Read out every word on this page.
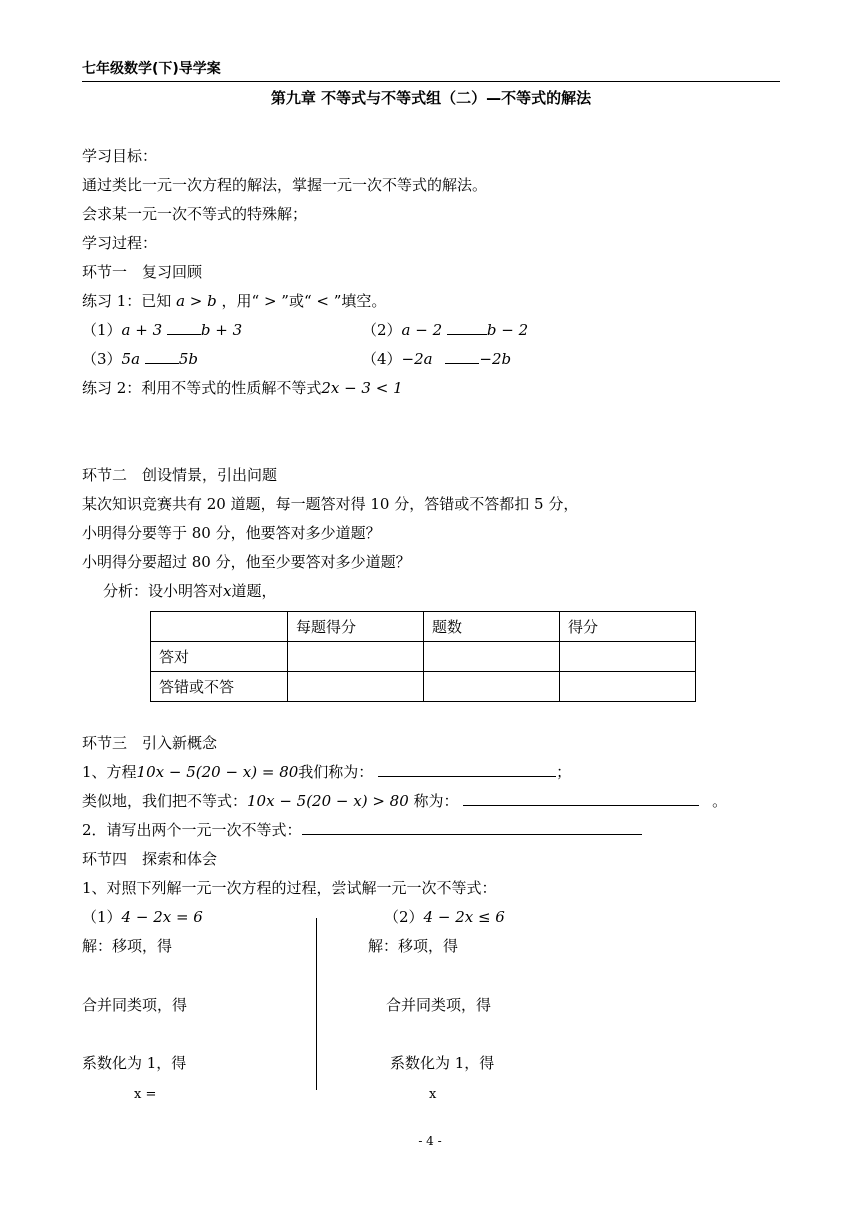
七年级数学(下)导学案
第九章 不等式与不等式组（二）—不等式的解法
学习目标：
通过类比一元一次方程的解法，掌握一元一次不等式的解法。
会求某一元一次不等式的特殊解；
学习过程：
环节一　复习回顾
练习 1：已知 a > b ，用“ > ”或“ < ”填空。
（1）a + 3	b + 3	（2）a − 2	b − 2
（3）5a	5b	（4）−2a	−2b
练习 2：利用不等式的性质解不等式2x − 3 < 1
环节二　创设情景，引出问题
某次知识竞赛共有 20 道题，每一题答对得 10 分，答错或不答都扣 5 分，
小明得分要等于 80 分，他要答对多少道题？
小明得分要超过 80 分，他至少要答对多少道题？
分析：设小明答对x道题，
	每题得分	题数	得分
答对			
答错或不答			
环节三　引入新概念
1、方程10x − 5(20 − x) = 80我们称为：	；
类似地，我们把不等式：10x − 5(20 − x) > 80 称为：	。
2．请写出两个一元一次不等式：
环节四　探索和体会
1、对照下列解一元一次方程的过程，尝试解一元一次不等式：
（1）4 − 2x = 6
解：移项，得
合并同类项，得
系数化为 1，得
x =
（2）4 − 2x ≤ 6
解：移项，得
合并同类项，得
系数化为 1，得
x
- 4 -
